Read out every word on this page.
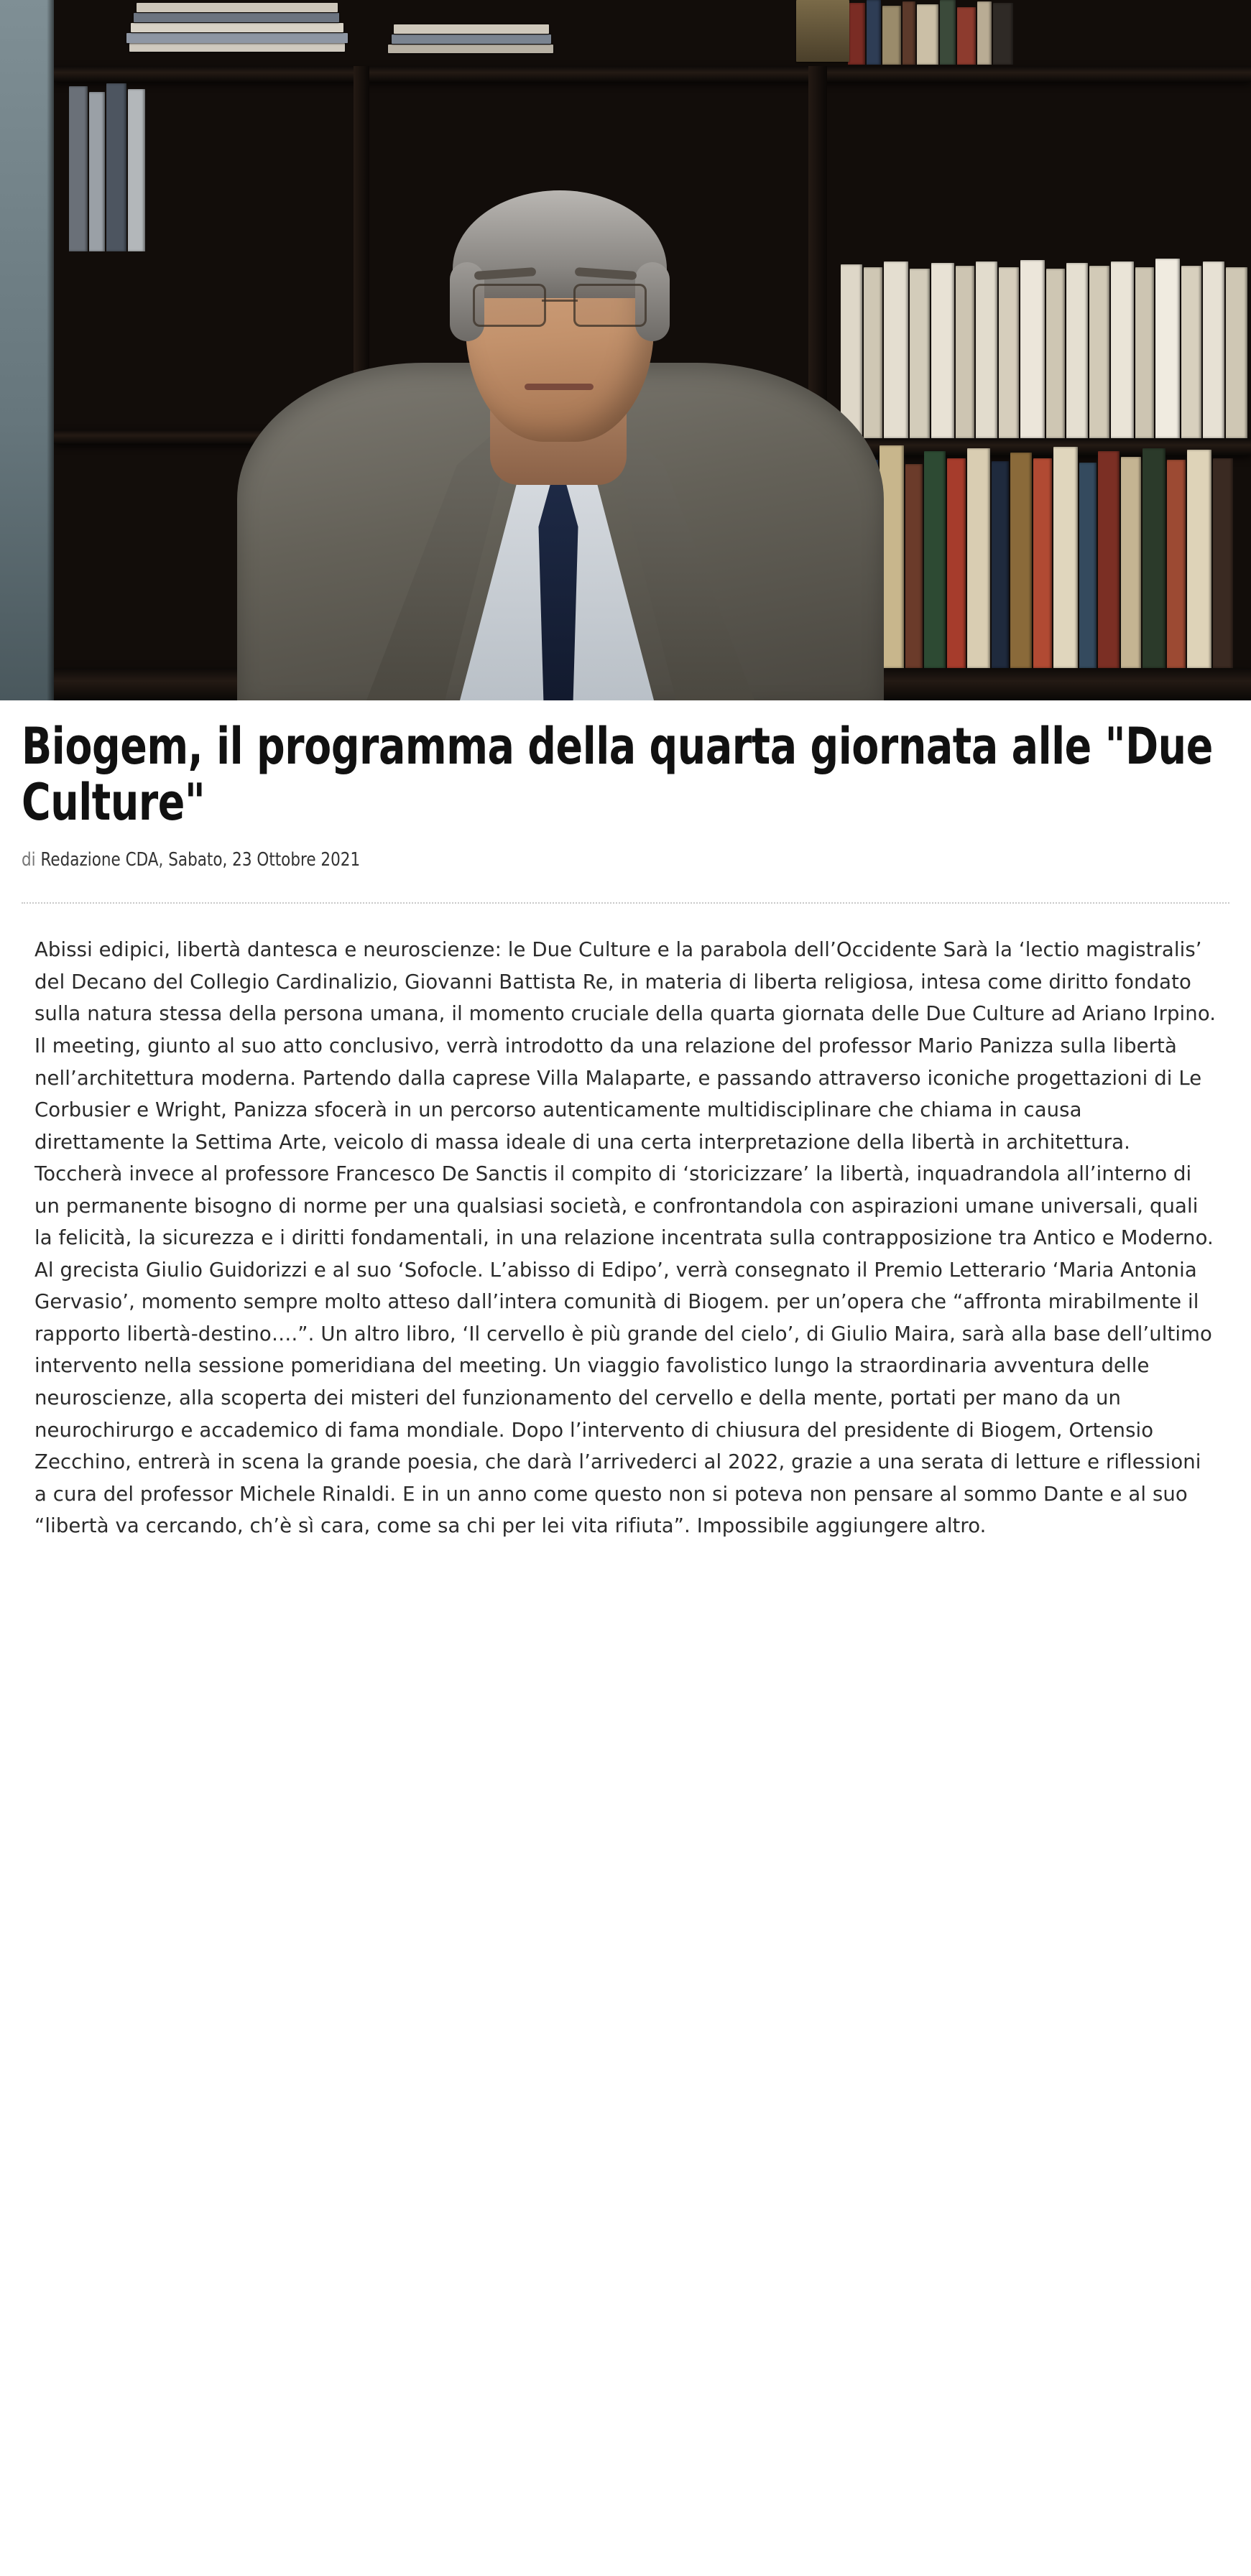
Biogem, il programma della quarta giornata alle "Due Culture"
di Redazione CDA, Sabato, 23 Ottobre 2021

Abissi edipici, libertà dantesca e neuroscienze: le Due Culture e la parabola dell’Occidente Sarà la ‘lectio magistralis’ del Decano del Collegio Cardinalizio, Giovanni Battista Re, in materia di liberta religiosa, intesa come diritto fondato sulla natura stessa della persona umana, il momento cruciale della quarta giornata delle Due Culture ad Ariano Irpino. Il meeting, giunto al suo atto conclusivo, verrà introdotto da una relazione del professor Mario Panizza sulla libertà nell’architettura moderna. Partendo dalla caprese Villa Malaparte, e passando attraverso iconiche progettazioni di Le Corbusier e Wright, Panizza sfocerà in un percorso autenticamente multidisciplinare che chiama in causa direttamente la Settima Arte, veicolo di massa ideale di una certa interpretazione della libertà in architettura. Toccherà invece al professore Francesco De Sanctis il compito di ‘storicizzare’ la libertà, inquadrandola all’interno di un permanente bisogno di norme per una qualsiasi società, e confrontandola con aspirazioni umane universali, quali la felicità, la sicurezza e i diritti fondamentali, in una relazione incentrata sulla contrapposizione tra Antico e Moderno. Al grecista Giulio Guidorizzi e al suo ‘Sofocle. L’abisso di Edipo’, verrà consegnato il Premio Letterario ‘Maria Antonia Gervasio’, momento sempre molto atteso dall’intera comunità di Biogem. per un’opera che “affronta mirabilmente il rapporto libertà-destino….”. Un altro libro, ‘Il cervello è più grande del cielo’, di Giulio Maira, sarà alla base dell’ultimo intervento nella sessione pomeridiana del meeting. Un viaggio favolistico lungo la straordinaria avventura delle neuroscienze, alla scoperta dei misteri del funzionamento del cervello e della mente, portati per mano da un neurochirurgo e accademico di fama mondiale. Dopo l’intervento di chiusura del presidente di Biogem, Ortensio Zecchino, entrerà in scena la grande poesia, che darà l’arrivederci al 2022, grazie a una serata di letture e riflessioni a cura del professor Michele Rinaldi. E in un anno come questo non si poteva non pensare al sommo Dante e al suo “libertà va cercando, ch’è sì cara, come sa chi per lei vita rifiuta”. Impossibile aggiungere altro.
